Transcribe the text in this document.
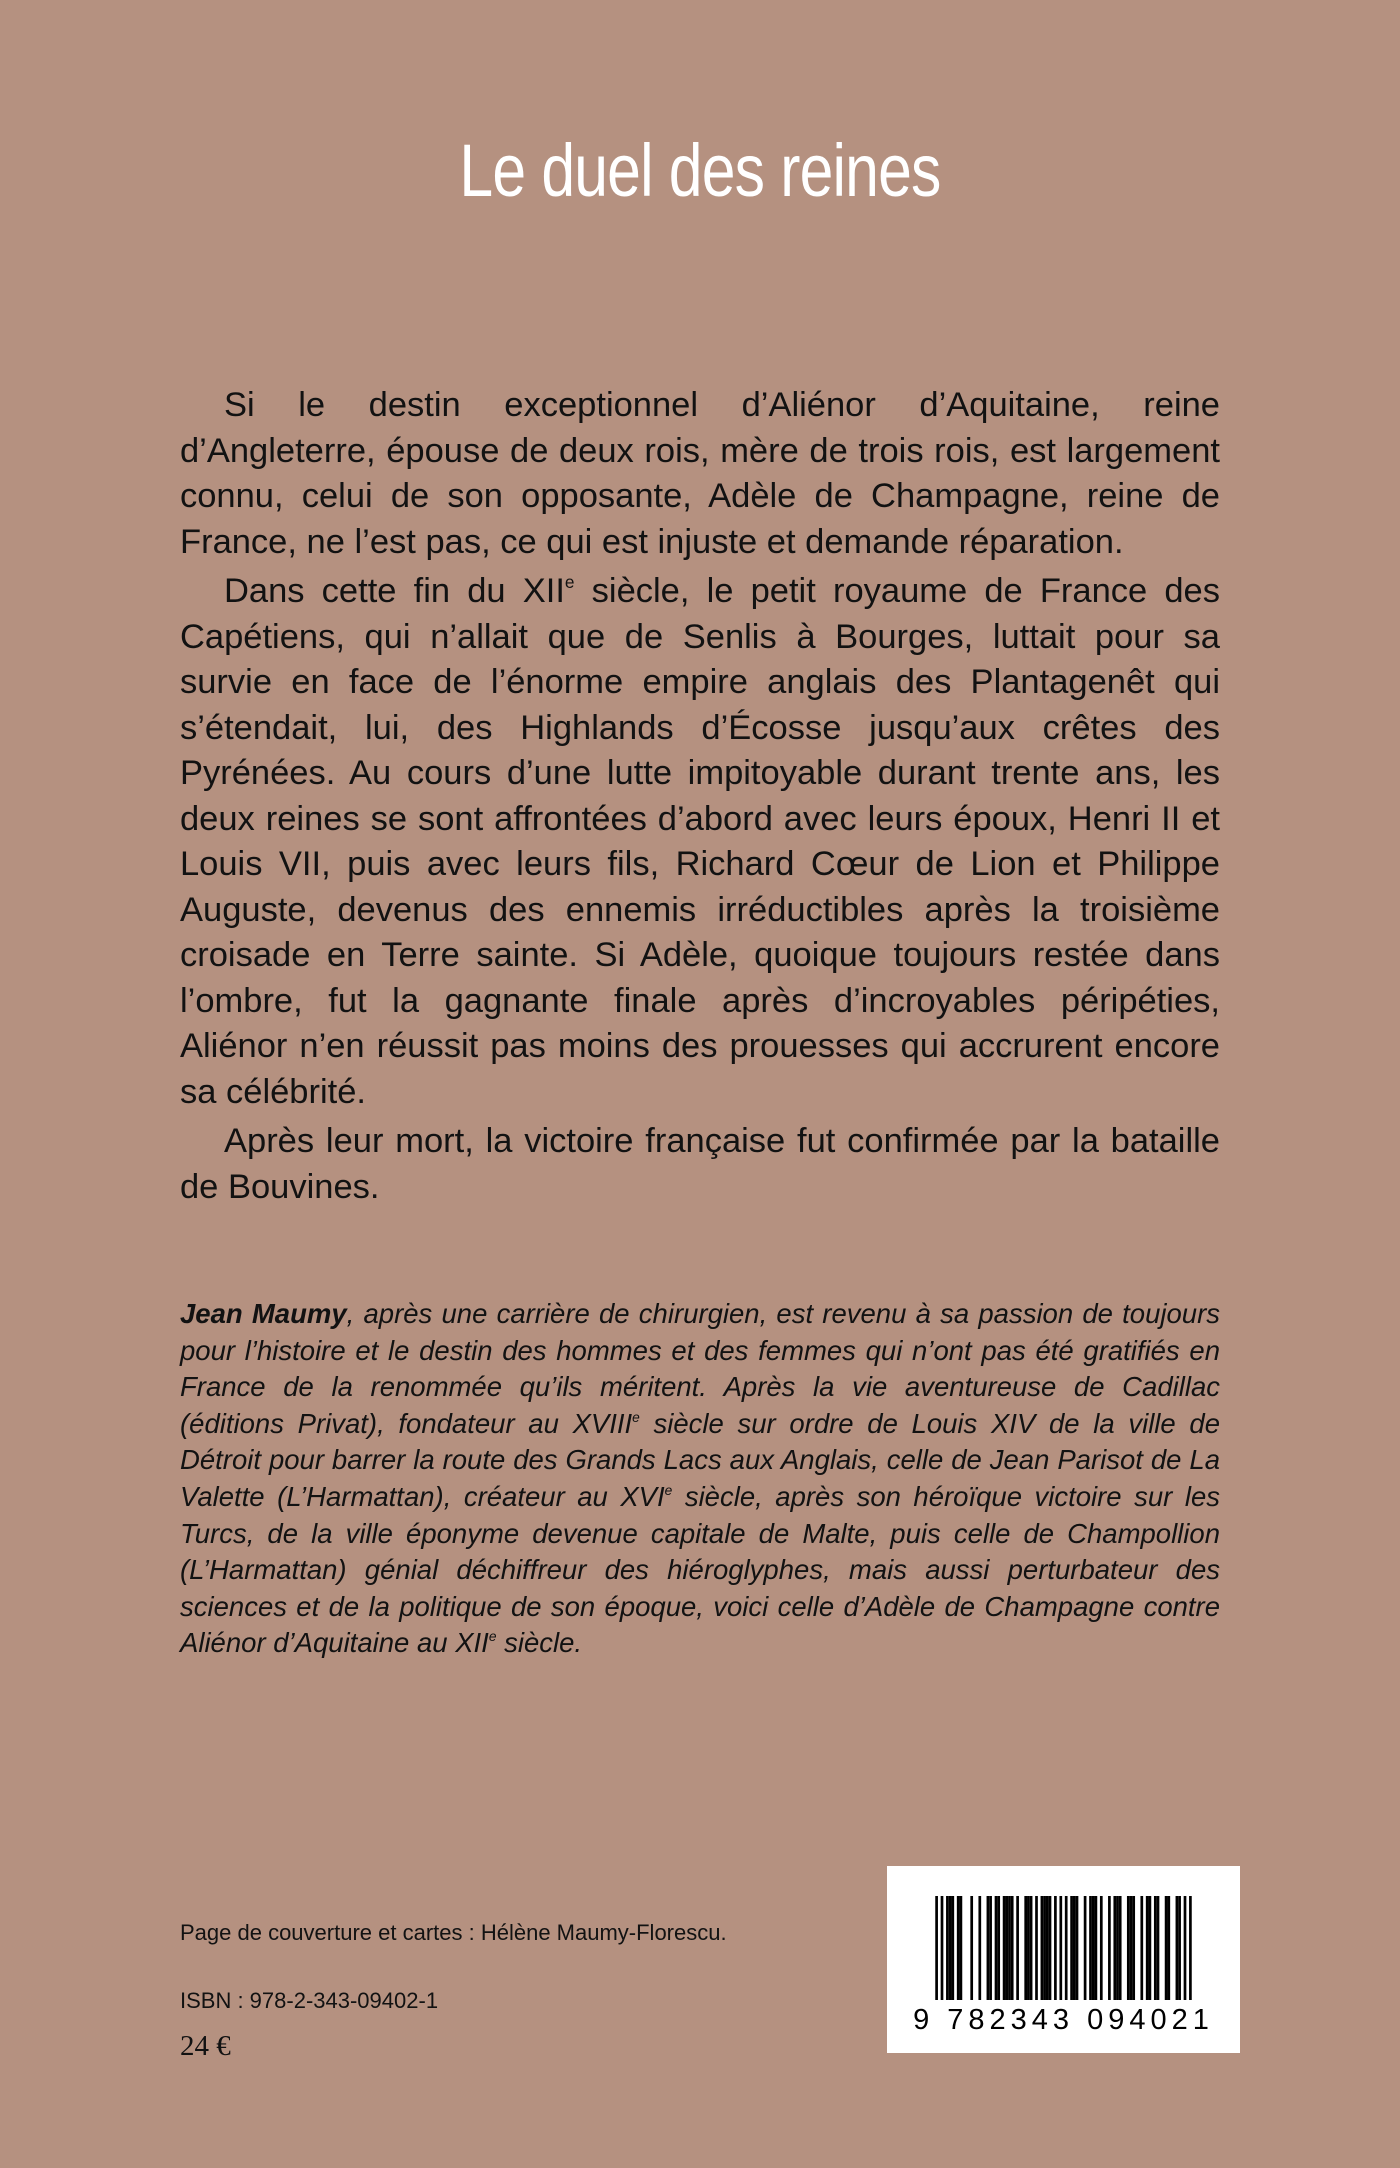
Le duel des reines

Si le destin exceptionnel d’Aliénor d’Aquitaine, reine d’Angleterre, épouse de deux rois, mère de trois rois, est largement connu, celui de son opposante, Adèle de Champagne, reine de France, ne l’est pas, ce qui est injuste et demande réparation.

Dans cette fin du XIIe siècle, le petit royaume de France des Capétiens, qui n’allait que de Senlis à Bourges, luttait pour sa survie en face de l’énorme empire anglais des Plantagenêt qui s’étendait, lui, des Highlands d’Écosse jusqu’aux crêtes des Pyrénées. Au cours d’une lutte impitoyable durant trente ans, les deux reines se sont affrontées d’abord avec leurs époux, Henri II et Louis VII, puis avec leurs fils, Richard Cœur de Lion et Philippe Auguste, devenus des ennemis irréductibles après la troisième croisade en Terre sainte. Si Adèle, quoique toujours restée dans l’ombre, fut la gagnante finale après d’incroyables péripéties, Aliénor n’en réussit pas moins des prouesses qui accrurent encore sa célébrité.

Après leur mort, la victoire française fut confirmée par la bataille de Bouvines.

Jean Maumy, après une carrière de chirurgien, est revenu à sa passion de toujours pour l’histoire et le destin des hommes et des femmes qui n’ont pas été gratifiés en France de la renommée qu’ils méritent. Après la vie aventureuse de Cadillac (éditions Privat), fondateur au XVIIIe siècle sur ordre de Louis XIV de la ville de Détroit pour barrer la route des Grands Lacs aux Anglais, celle de Jean Parisot de La Valette (L’Harmattan), créateur au XVIe siècle, après son héroïque victoire sur les Turcs, de la ville éponyme devenue capitale de Malte, puis celle de Champollion (L’Harmattan) génial déchiffreur des hiéroglyphes, mais aussi perturbateur des sciences et de la politique de son époque, voici celle d’Adèle de Champagne contre Aliénor d’Aquitaine au XIIe siècle.
Page de couverture et cartes : Hélène Maumy-Florescu.
ISBN : 978-2-343-09402-1
24 €
9 782343 094021
